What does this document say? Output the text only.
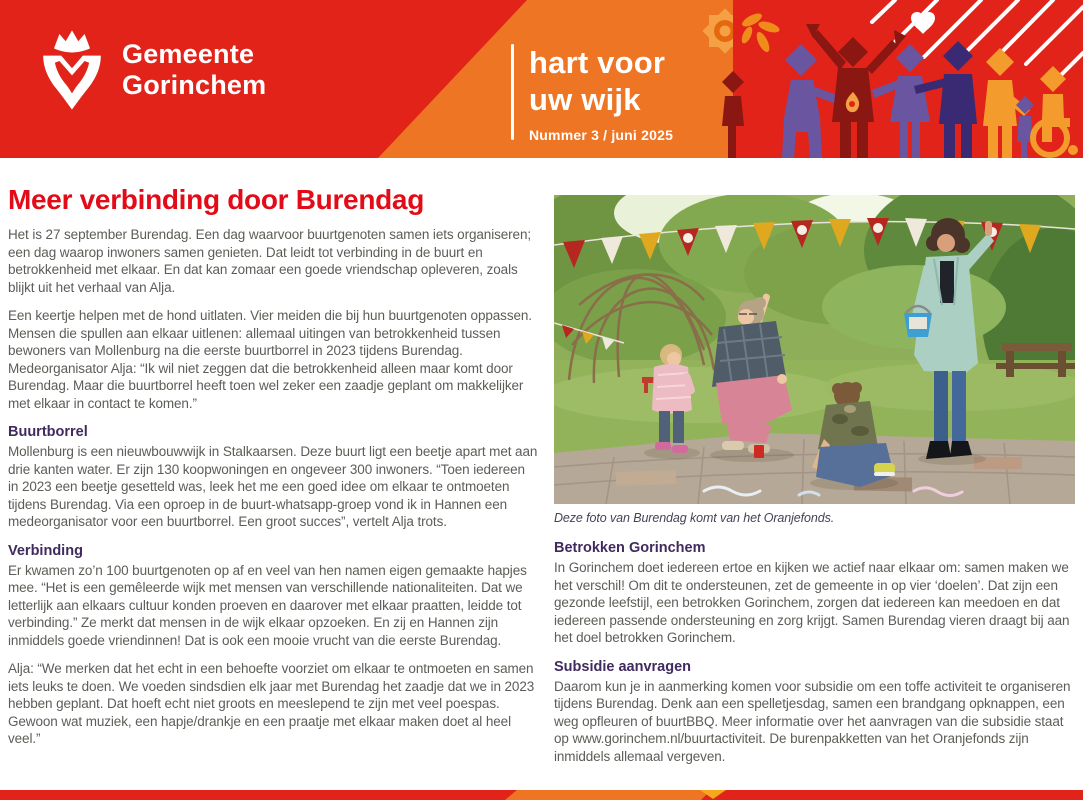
Gemeente
Gorinchem
hart voor
uw wijk
Nummer 3 / juni 2025
Meer verbinding door Burendag

Het is 27 september Burendag. Een dag waarvoor buurtgenoten samen iets organiseren; een dag waarop inwoners samen genieten. Dat leidt tot verbinding in de buurt en betrokkenheid met elkaar. En dat kan zomaar een goede vriendschap opleveren, zoals blijkt uit het verhaal van Alja.

Een keertje helpen met de hond uitlaten. Vier meiden die bij hun buurtgenoten oppassen. Mensen die spullen aan elkaar uitlenen: allemaal uitingen van betrokkenheid tussen bewoners van Mollenburg na die eerste buurtborrel in 2023 tijdens Burendag. Medeorganisator Alja: “Ik wil niet zeggen dat die betrokkenheid alleen maar komt door Burendag. Maar die buurtborrel heeft toen wel zeker een zaadje geplant om makkelijker met elkaar in contact te komen.”

Buurtborrel

Mollenburg is een nieuwbouwwijk in Stalkaarsen. Deze buurt ligt een beetje apart met aan drie kanten water. Er zijn 130 koopwoningen en ongeveer 300 inwoners. “Toen iedereen in 2023 een beetje gesetteld was, leek het me een goed idee om elkaar te ontmoeten tijdens Burendag. Via een oproep in de buurt-whatsapp-groep vond ik in Hannen een medeorganisator voor een buurtborrel. Een groot succes”, vertelt Alja trots.

Verbinding

Er kwamen zo’n 100 buurtgenoten op af en veel van hen namen eigen gemaakte hapjes mee. “Het is een gemêleerde wijk met mensen van verschillende nationaliteiten. Dat we letterlijk aan elkaars cultuur konden proeven en daarover met elkaar praatten, leidde tot verbinding.” Ze merkt dat mensen in de wijk elkaar opzoeken. En zij en Hannen zijn inmiddels goede vriendinnen! Dat is ook een mooie vrucht van die eerste Burendag.

Alja: “We merken dat het echt in een behoefte voorziet om elkaar te ontmoeten en samen iets leuks te doen. We voeden sindsdien elk jaar met Burendag het zaadje dat we in 2023 hebben geplant. Dat hoeft echt niet groots en meeslepend te zijn met veel poespas. Gewoon wat muziek, een hapje/drankje en een praatje met elkaar maken doet al heel veel.”

Deze foto van Burendag komt van het Oranjefonds.
Betrokken Gorinchem

In Gorinchem doet iedereen ertoe en kijken we actief naar elkaar om: samen maken we het verschil! Om dit te ondersteunen, zet de gemeente in op vier ‘doelen’. Dat zijn een gezonde leefstijl, een betrokken Gorinchem, zorgen dat iedereen kan meedoen en dat iedereen passende ondersteuning en zorg krijgt. Samen Burendag vieren draagt bij aan het doel betrokken Gorinchem.

Subsidie aanvragen

Daarom kun je in aanmerking komen voor subsidie om een toffe activiteit te organiseren tijdens Burendag. Denk aan een spelletjesdag, samen een brandgang opknappen, een weg opfleuren of buurtBBQ. Meer informatie over het aanvragen van die subsidie staat op www.gorinchem.nl/buurtactiviteit. De burenpakketten van het Oranjefonds zijn inmiddels allemaal vergeven.
